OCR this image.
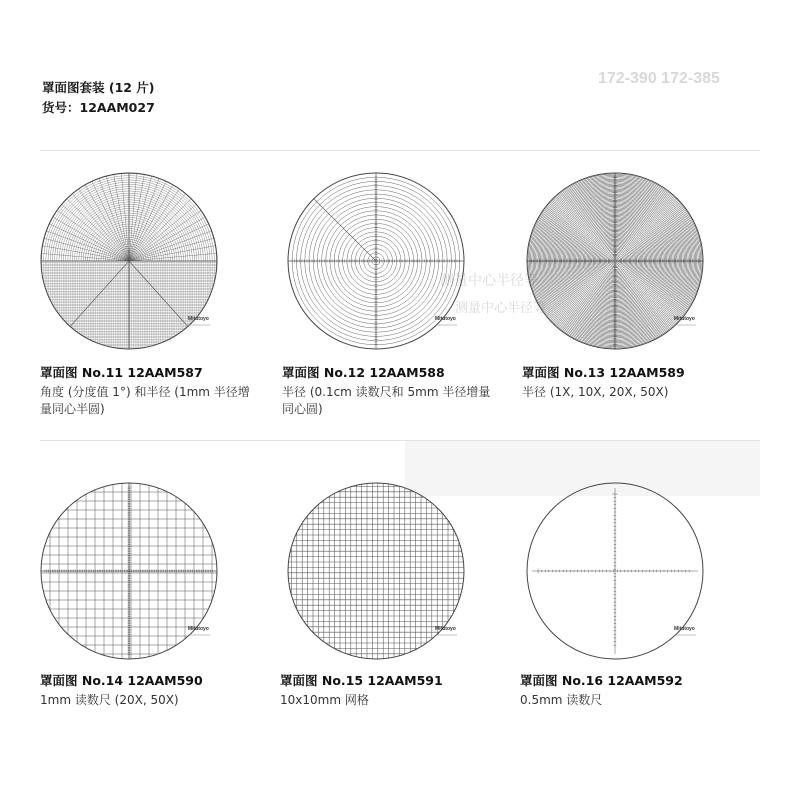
172-390 172-385
测量中心半径等
测量中心半径等
罩面图套装 (12 片)
货号：12AAM027
Mitutoyo	Mitutoyo	Mitutoyo
Mitutoyo	Mitutoyo	Mitutoyo
罩面图 No.11 12AAM587
角度 (分度值 1°) 和半径 (1mm 半径增量同心半圆)
罩面图 No.12 12AAM588
半径 (0.1cm 读数尺和 5mm 半径增量同心圆)
罩面图 No.13 12AAM589
半径 (1X, 10X, 20X, 50X)
罩面图 No.14 12AAM590
1mm 读数尺 (20X, 50X)
罩面图 No.15 12AAM591
10x10mm 网格
罩面图 No.16 12AAM592
0.5mm 读数尺
